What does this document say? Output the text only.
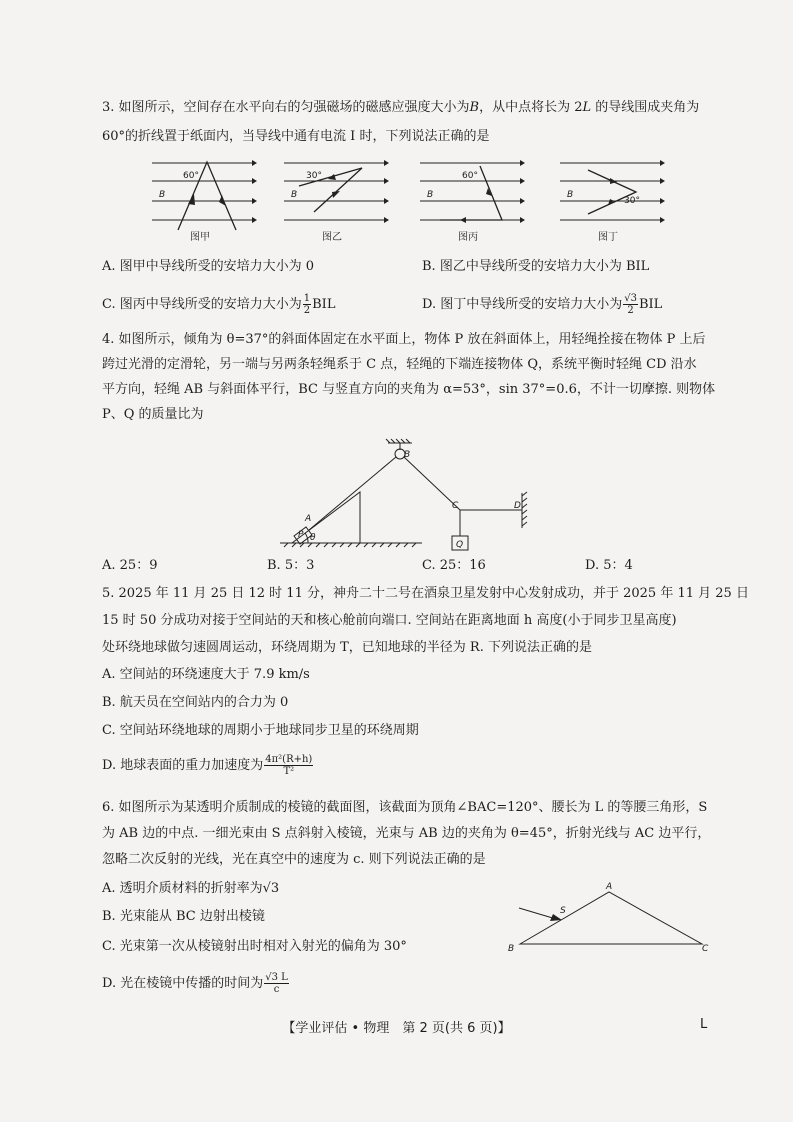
3. 如图所示，空间存在水平向右的匀强磁场的磁感应强度大小为B，从中点将长为 2L 的导线围成夹角为
60°的折线置于纸面内，当导线中通有电流 I 时，下列说法正确的是
60°
B
图甲
30°
B
图乙
60°
B
图丙
30°
B
图丁
A. 图甲中导线所受的安培力大小为 0	B. 图乙中导线所受的安培力大小为 BIL
C. 图丙中导线所受的安培力大小为 $\frac{1}{2}$ BIL	D. 图丁中导线所受的安培力大小为 $\frac{√3}{2}$ BIL
4. 如图所示，倾角为 θ=37°的斜面体固定在水平面上，物体 P 放在斜面体上，用轻绳拴接在物体 P 上后
跨过光滑的定滑轮，另一端与另两条轻绳系于 C 点，轻绳的下端连接物体 Q，系统平衡时轻绳 CD 沿水
平方向，轻绳 AB 与斜面体平行，BC 与竖直方向的夹角为 α=53°，sin 37°=0.6，不计一切摩擦. 则物体
P、Q 的质量比为
A
B
C	D
P
Q
θ
A. 25：9	B. 5：3	C. 25：16	D. 5：4
5. 2025 年 11 月 25 日 12 时 11 分，神舟二十二号在酒泉卫星发射中心发射成功，并于 2025 年 11 月 25 日
15 时 50 分成功对接于空间站的天和核心舱前向端口. 空间站在距离地面 h 高度(小于同步卫星高度)
处环绕地球做匀速圆周运动，环绕周期为 T，已知地球的半径为 R. 下列说法正确的是
A. 空间站的环绕速度大于 7.9 km/s
B. 航天员在空间站内的合力为 0
C. 空间站环绕地球的周期小于地球同步卫星的环绕周期
D. 地球表面的重力加速度为 $\frac{\text{4π²(R+h)}}{\text{T²}}$
6. 如图所示为某透明介质制成的棱镜的截面图，该截面为顶角∠BAC=120°、腰长为 L 的等腰三角形，S
为 AB 边的中点. 一细光束由 S 点斜射入棱镜，光束与 AB 边的夹角为 θ=45°，折射光线与 AC 边平行，
忽略二次反射的光线，光在真空中的速度为 c. 则下列说法正确的是
A. 透明介质材料的折射率为√3
B. 光束能从 BC 边射出棱镜
C. 光束第一次从棱镜射出时相对入射光的偏角为 30°
D. 光在棱镜中传播的时间为 $\frac{√3 L}{c}$
A
B	C
S
【学业评估 • 物理　第 2 页(共 6 页)】	L
